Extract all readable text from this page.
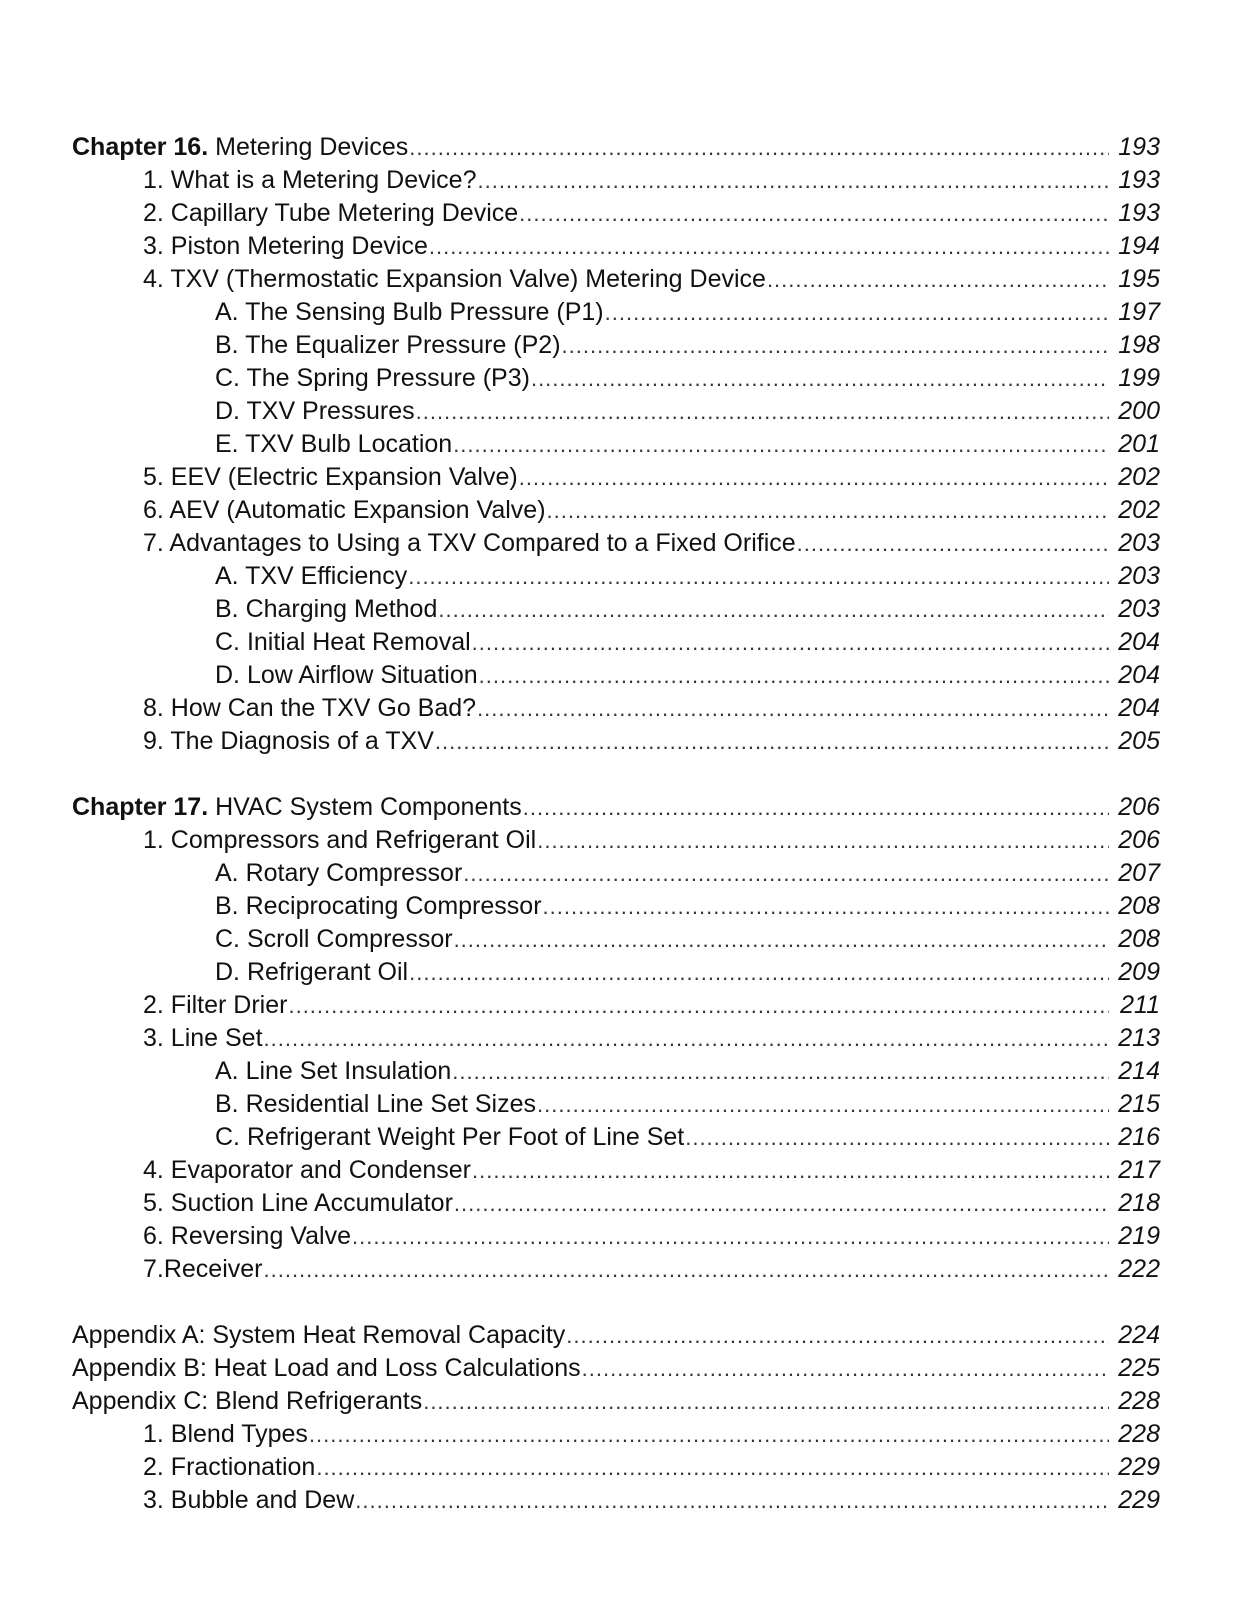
Chapter 16. Metering Devices .....	193
1. What is a Metering Device? .....	193
2. Capillary Tube Metering Device .....	193
3. Piston Metering Device .....	194
4. TXV (Thermostatic Expansion Valve) Metering Device .....	195
A. The Sensing Bulb Pressure (P1) .....	197
B. The Equalizer Pressure (P2) .....	198
C. The Spring Pressure (P3) .....	199
D. TXV Pressures .....	200
E. TXV Bulb Location .....	201
5. EEV (Electric Expansion Valve) .....	202
6. AEV (Automatic Expansion Valve) .....	202
7. Advantages to Using a TXV Compared to a Fixed Orifice .....	203
A. TXV Efficiency .....	203
B. Charging Method .....	203
C. Initial Heat Removal .....	204
D. Low Airflow Situation .....	204
8. How Can the TXV Go Bad? .....	204
9. The Diagnosis of a TXV .....	205
Chapter 17. HVAC System Components .....	206
1. Compressors and Refrigerant Oil .....	206
A. Rotary Compressor .....	207
B. Reciprocating Compressor .....	208
C. Scroll Compressor .....	208
D. Refrigerant Oil .....	209
2. Filter Drier .....	211
3. Line Set .....	213
A. Line Set Insulation .....	214
B. Residential Line Set Sizes .....	215
C. Refrigerant Weight Per Foot of Line Set .....	216
4. Evaporator and Condenser .....	217
5. Suction Line Accumulator .....	218
6. Reversing Valve .....	219
7.Receiver .....	222
Appendix A: System Heat Removal Capacity .....	224
Appendix B: Heat Load and Loss Calculations .....	225
Appendix C: Blend Refrigerants .....	228
1. Blend Types .....	228
2. Fractionation .....	229
3. Bubble and Dew .....	229
